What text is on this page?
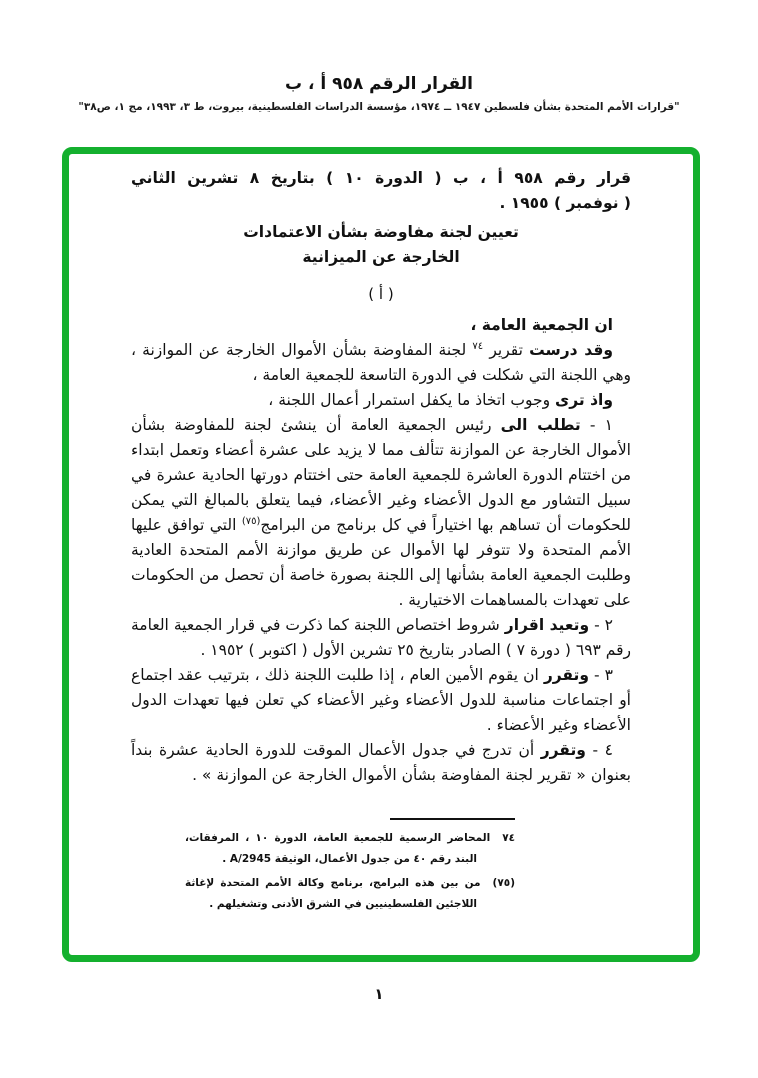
القرار الرقم ٩٥٨ أ ، ب
"قرارات الأمم المتحدة بشأن فلسطين ١٩٤٧ ــ ١٩٧٤، مؤسسة الدراسات الفلسطينية، بيروت، ط ٣، ١٩٩٣، مج ١، ص٣٨"
قرار رقم ٩٥٨ أ ، ب ( الدورة ١٠ ) بتاريخ ٨ تشرين الثاني
( نوفمبر ) ١٩٥٥ .
تعيين لجنة مفاوضة بشأن الاعتمادات
الخارجة عن الميزانية
( أ )

ان الجمعية العامة ،

وقد درست تقرير $^{٧٤}$ لجنة المفاوضة بشأن الأموال الخارجة عن الموازنة ، وهي اللجنة التي شكلت في الدورة التاسعة للجمعية العامة ،

واذ ترى وجوب اتخاذ ما يكفل استمرار أعمال اللجنة ،

١ - تطلب الى رئيس الجمعية العامة أن ينشئ لجنة للمفاوضة بشأن الأموال الخارجة عن الموازنة تتألف مما لا يزيد على عشرة أعضاء وتعمل ابتداء من اختتام الدورة العاشرة للجمعية العامة حتى اختتام دورتها الحادية عشرة في سبيل التشاور مع الدول الأعضاء وغير الأعضاء، فيما يتعلق بالمبالغ التي يمكن للحكومات أن تساهم بها اختياراً في كل برنامج من البرامج$^{(٧٥)}$ التي توافق عليها الأمم المتحدة ولا تتوفر لها الأموال عن طريق موازنة الأمم المتحدة العادية وطلبت الجمعية العامة بشأنها إلى اللجنة بصورة خاصة أن تحصل من الحكومات على تعهدات بالمساهمات الاختيارية .

٢ - وتعيد اقرار شروط اختصاص اللجنة كما ذكرت في قرار الجمعية العامة رقم ٦٩٣ ( دورة ٧ ) الصادر بتاريخ ٢٥ تشرين الأول ( اكتوبر ) ١٩٥٢ .

٣ - وتقرر ان يقوم الأمين العام ، إذا طلبت اللجنة ذلك ، بترتيب عقد اجتماع أو اجتماعات مناسبة للدول الأعضاء وغير الأعضاء كي تعلن فيها تعهدات الدول الأعضاء وغير الأعضاء .

٤ - وتقرر أن تدرج في جدول الأعمال الموقت للدورة الحادية عشرة بنداً بعنوان « تقرير لجنة المفاوضة بشأن الأموال الخارجة عن الموازنة » .

٧٤المحاضر الرسمية للجمعية العامة، الدورة ١٠ ، المرفقات، البند رقم ٤٠ من جدول الأعمال، الوثيقة A/2945 .

(٧٥)من بين هذه البرامج، برنامج وكالة الأمم المتحدة لإغاثة اللاجئين الفلسطينيين في الشرق الأدنى وتشغيلهم .

١
